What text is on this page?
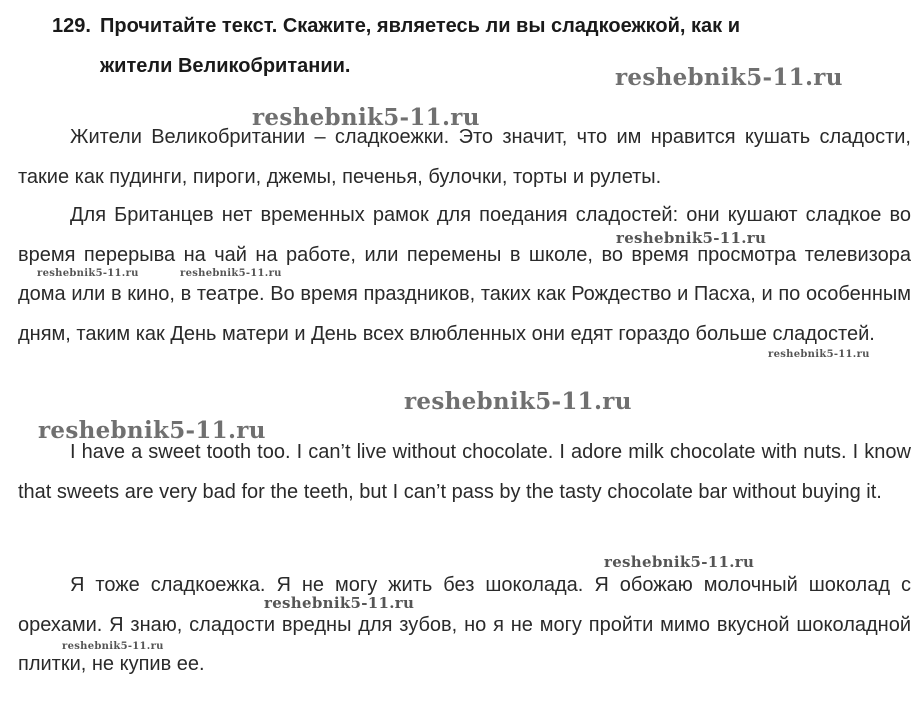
129. Прочитайте текст. Скажите, являетесь ли вы сладкоежкой, как и
жители Великобритании.
Жители Великобритании – сладкоежки. Это значит, что им нравится кушать сладости, такие как пудинги, пироги, джемы, печенья, булочки, торты и рулеты.
Для Британцев нет временных рамок для поедания сладостей: они кушают сладкое во время перерыва на чай на работе, или перемены в школе, во время просмотра телевизора дома или в кино, в театре. Во время праздников, таких как Рождество и Пасха, и по особенным дням, таким как День матери и День всех влюбленных они едят гораздо больше сладостей.
I have a sweet tooth too. I can’t live without chocolate. I adore milk chocolate with nuts. I know that sweets are very bad for the teeth, but I can’t pass by the tasty chocolate bar without buying it.
Я тоже сладкоежка. Я не могу жить без шоколада. Я обожаю молочный шоколад с орехами. Я знаю, сладости вредны для зубов, но я не могу пройти мимо вкусной шоколадной плитки, не купив ее.
reshebnik5-11.ru
reshebnik5-11.ru
reshebnik5-11.ru
reshebnik5-11.ru	reshebnik5-11.ru
reshebnik5-11.ru
reshebnik5-11.ru
reshebnik5-11.ru
reshebnik5-11.ru
reshebnik5-11.ru
reshebnik5-11.ru
